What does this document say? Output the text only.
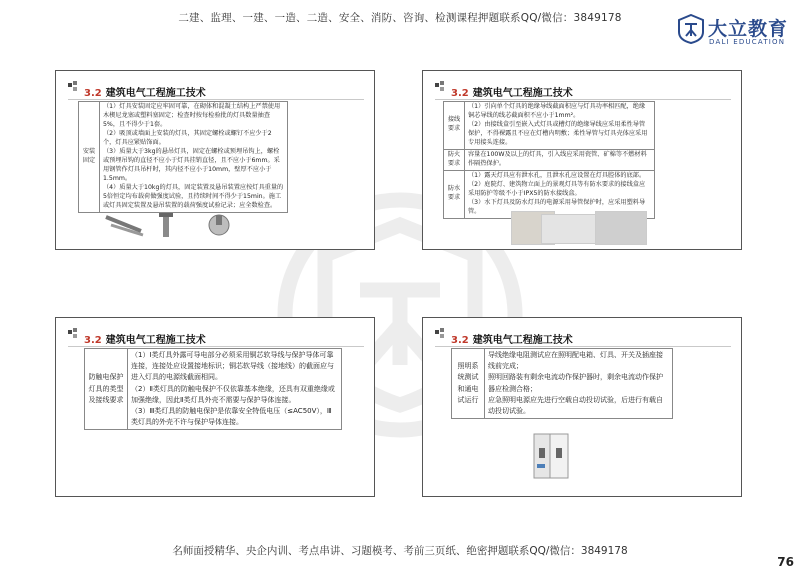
二建、监理、一建、一造、二造、安全、消防、咨询、检测课程押题联系QQ/微信：3849178	大立教育
DALI EDUCATION
3.2 建筑电气工程施工技术
安装固定	
（1）灯具安装固定应牢固可靠，在砌体和混凝土结构上严禁使用木楔尼龙塞或塑料塞固定；检查时按每检验批的灯具数量抽查5%，且不得少于1套。
（2）吸顶或墙面上安装的灯具，其固定螺栓或螺钉不应少于2个，灯具应紧贴饰面。
（3）质量大于3kg的悬吊灯具，固定在螺栓或预埋吊钩上，螺栓或预埋吊钩的直径不应小于灯具挂销直径，且不应小于6mm。采用钢管作灯具吊杆时，其内径不应小于10mm，壁厚不应小于1.5mm。
（4）质量大于10kg的灯具，固定装置及悬吊装置应按灯具重量的5倍恒定均布载荷做强度试验，且持续时间不得少于15min。施工或灯具固定装置及悬吊装置的载荷强度试验记录；应全数检查。
3.2 建筑电气工程施工技术
接线要求	（1）引向单个灯具的绝缘导线截面积应与灯具功率相匹配，绝缘铜芯导线的线芯截面积不应小于1mm²。
（2）由接线盒引至嵌入式灯具或槽灯的绝缘导线应采用柔性导管保护，不得裸露且不应在灯槽内明敷；柔性导管与灯具壳体应采用专用接头连接。

防火要求	容量在100W及以上的灯具，引入线应采用瓷管、矿棉等不燃材料作隔热保护。

防水要求	（1）露天灯具应有泄水孔，且泄水孔应设置在灯具腔体的底部。
（2）庭院灯、建筑物立面上的景观灯具等有防水要求的接线盒应采用防护等级不小于IPX5的防水接线盒。
（3）水下灯具及防水灯具的电源采用导管保护时，应采用塑料导管。
3.2 建筑电气工程施工技术
防触电保护灯具的类型及接线要求	
（1）Ⅰ类灯具外露可导电部分必须采用铜芯软导线与保护导体可靠连接，连接处应设置接地标识；铜芯软导线（接地线）的截面应与进入灯具的电源线截面相同。
（2）Ⅱ类灯具的防触电保护不仅依靠基本绝缘，还具有双重绝缘或加强绝缘，因此Ⅱ类灯具外壳不需要与保护导体连接。
（3）Ⅲ类灯具的防触电保护是依靠安全特低电压（≤AC50V），Ⅲ类灯具的外壳不许与保护导体连接。
3.2 建筑电气工程施工技术
照明系统测试和通电试运行	
导线绝缘电阻测试应在照明配电箱、灯具、开关及插座接线前完成；
照明回路装有剩余电流动作保护器时，剩余电流动作保护器应检测合格；
应急照明电源应先进行空载自动投切试验，后进行有载自动投切试验。
名师面授精华、央企内训、考点串讲、习题模考、考前三页纸、绝密押题联系QQ/微信：3849178
76
